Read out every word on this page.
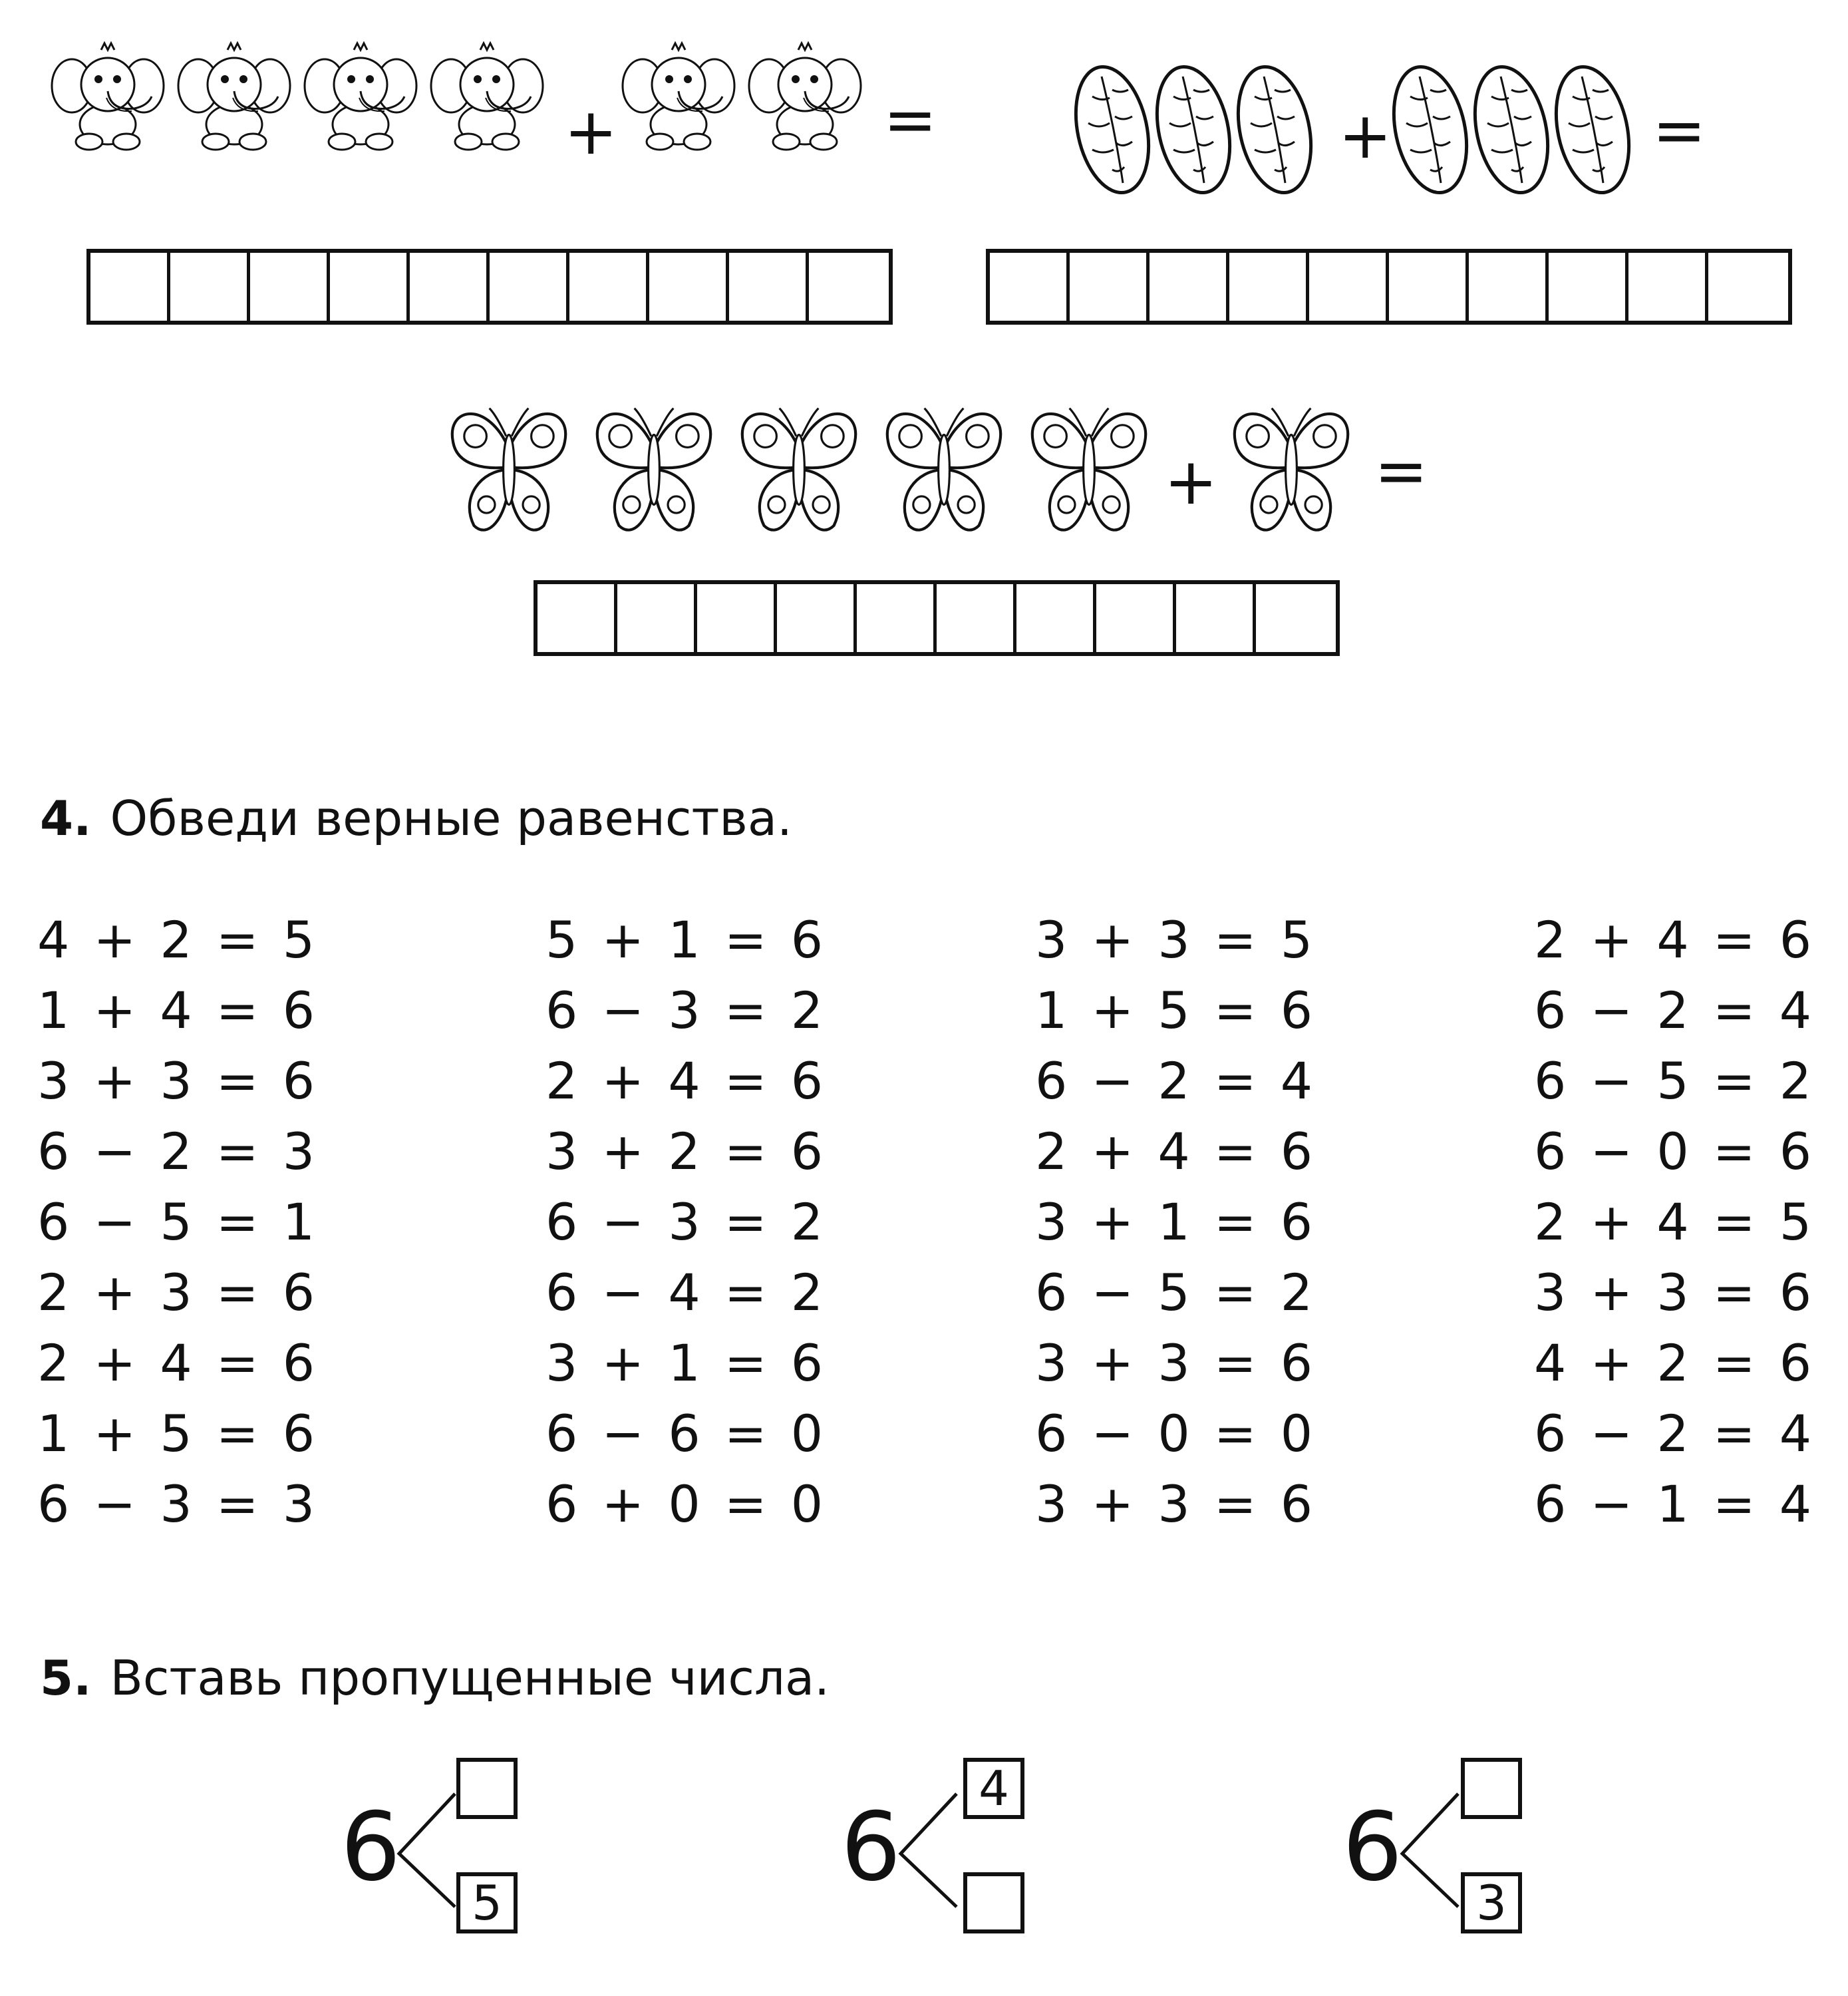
+	=	+	=
+ =
4. Обведи верные равенства.
4 + 2 = 5
1 + 4 = 6
3 + 3 = 6
6 − 2 = 3
6 − 5 = 1
2 + 3 = 6
2 + 4 = 6
1 + 5 = 6
6 − 3 = 3
5 + 1 = 6
6 − 3 = 2
2 + 4 = 6
3 + 2 = 6
6 − 3 = 2
6 − 4 = 2
3 + 1 = 6
6 − 6 = 0
6 + 0 = 0
3 + 3 = 5
1 + 5 = 6
6 − 2 = 4
2 + 4 = 6
3 + 1 = 6
6 − 5 = 2
3 + 3 = 6
6 − 0 = 0
3 + 3 = 6
2 + 4 = 6
6 − 2 = 4
6 − 5 = 2
6 − 0 = 6
2 + 4 = 5
3 + 3 = 6
4 + 2 = 6
6 − 2 = 4
6 − 1 = 4
5. Вставь пропущенные числа.
6
5
6
4
6
3
